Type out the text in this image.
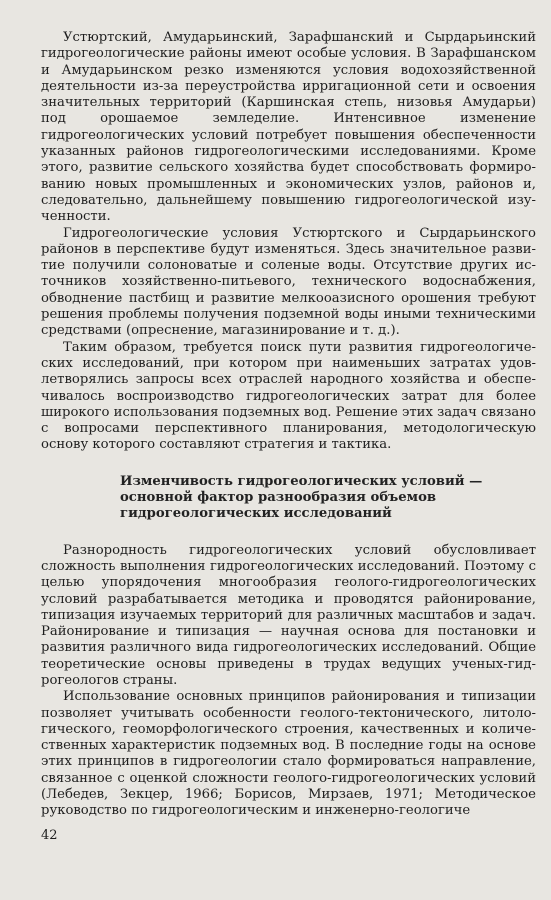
Устюртский, Амударьинский, Зарафшанский и Сырдарьинский гидрогеологические районы имеют особые условия. В Зарафшанском и Амударьинском резко изменяются условия водохозяйственной деятельности из-за переустройства ирригационной сети и освоения значительных территорий (Каршинская степь, низовья Амударьи) под орошаемое земледелие. Интенсивное изменение гидрогеологических условий потребует повышения обеспеченности указанных районов гидрогеологическими исследованиями. Кроме этого, развитие сельского хозяйства будет способствовать формированию новых промышленных и экономических узлов, районов и, следовательно, дальнейшему повышению гидрогеологической изученности.

Гидрогеологические условия Устюртского и Сырдарьинского районов в перспективе будут изменяться. Здесь значительное развитие получили солоноватые и соленые воды. Отсутствие других источников хозяйственно-питьевого, технического водоснабжения, обводнение пастбищ и развитие мелкооазисного орошения требуют решения проблемы получения подземной воды иными техническими средствами (опреснение, магазинирование и т. д.).

Таким образом, требуется поиск пути развития гидрогеологических исследований, при котором при наименьших затратах удовлетворялись запросы всех отраслей народного хозяйства и обеспечивалось воспроизводство гидрогеологических затрат для более широкого использования подземных вод. Решение этих задач связано с вопросами перспективного планирования, методологическую основу которого составляют стратегия и тактика.

Изменчивость гидрогеологических условий — основной фактор разнообразия объемов гидрогеологических исследований

Разнородность гидрогеологических условий обусловливает сложность выполнения гидрогеологических исследований. Поэтому с целью упорядочения многообразия геолого-гидрогеологических условий разрабатывается методика и проводятся районирование, типизация изучаемых территорий для различных масштабов и задач. Районирование и типизация — научная основа для постановки и развития различного вида гидрогеологических исследований. Общие теоретические основы приведены в трудах ведущих ученых-гидрогеологов страны.

Использование основных принципов районирования и типизации позволяет учитывать особенности геолого-тектонического, литологического, геоморфологического строения, качественных и количественных характеристик подземных вод. В последние годы на основе этих принципов в гидрогеологии стало формироваться направление, связанное с оценкой сложности геолого-гидрогеологических условий (Лебедев, Зекцер, 1966; Борисов, Мирзаев, 1971; Методическое руководство по гидрогеологическим и инженерно-геологиче

42
